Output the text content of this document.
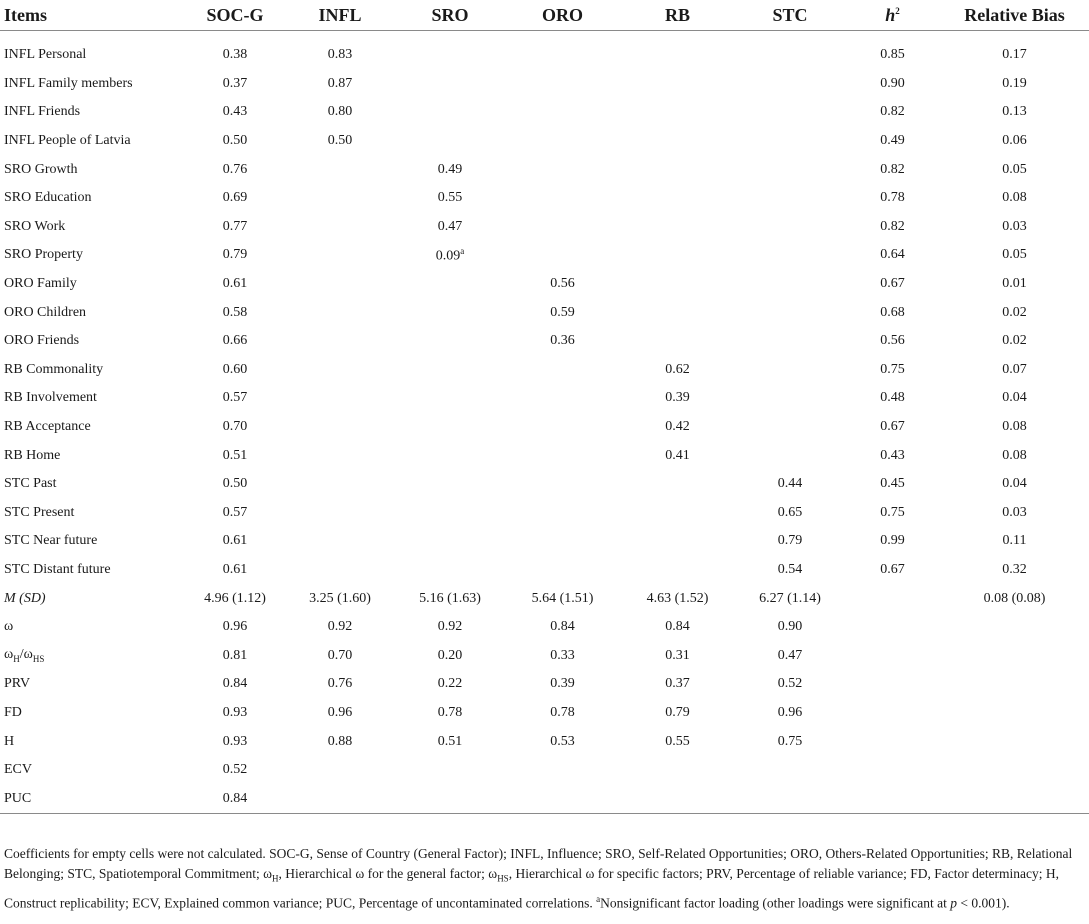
Items	SOC-G	INFL	SRO	ORO	RB	STC	$h^2$	Relative Bias
INFL Personal	0.38	0.83					0.85	0.17
INFL Family members	0.37	0.87					0.90	0.19
INFL Friends	0.43	0.80					0.82	0.13
INFL People of Latvia	0.50	0.50					0.49	0.06
SRO Growth	0.76		0.49				0.82	0.05
SRO Education	0.69		0.55				0.78	0.08
SRO Work	0.77		0.47				0.82	0.03
SRO Property	0.79		0.09$^a$				0.64	0.05
ORO Family	0.61			0.56			0.67	0.01
ORO Children	0.58			0.59			0.68	0.02
ORO Friends	0.66			0.36			0.56	0.02
RB Commonality	0.60				0.62		0.75	0.07
RB Involvement	0.57				0.39		0.48	0.04
RB Acceptance	0.70				0.42		0.67	0.08
RB Home	0.51				0.41		0.43	0.08
STC Past	0.50					0.44	0.45	0.04
STC Present	0.57					0.65	0.75	0.03
STC Near future	0.61					0.79	0.99	0.11
STC Distant future	0.61					0.54	0.67	0.32
M (SD)	4.96 (1.12)	3.25 (1.60)	5.16 (1.63)	5.64 (1.51)	4.63 (1.52)	6.27 (1.14)		0.08 (0.08)
ω	0.96	0.92	0.92	0.84	0.84	0.90		
$\omega_H/\omega_{HS}$	0.81	0.70	0.20	0.33	0.31	0.47		
PRV	0.84	0.76	0.22	0.39	0.37	0.52		
FD	0.93	0.96	0.78	0.78	0.79	0.96		
H	0.93	0.88	0.51	0.53	0.55	0.75		
ECV	0.52							
PUC	0.84							
Coefficients for empty cells were not calculated. SOC-G, Sense of Country (General Factor); INFL, Influence; SRO, Self-Related Opportunities; ORO, Others-Related Opportunities; RB, Relational Belonging; STC, Spatiotemporal Commitment; $\omega_H$, Hierarchical ω for the general factor; $\omega_{HS}$, Hierarchical ω for specific factors; PRV, Percentage of reliable variance; FD, Factor determinacy; H, Construct replicability; ECV, Explained common variance; PUC, Percentage of uncontaminated correlations. $^a$Nonsignificant factor loading (other loadings were significant at p < 0.001).
